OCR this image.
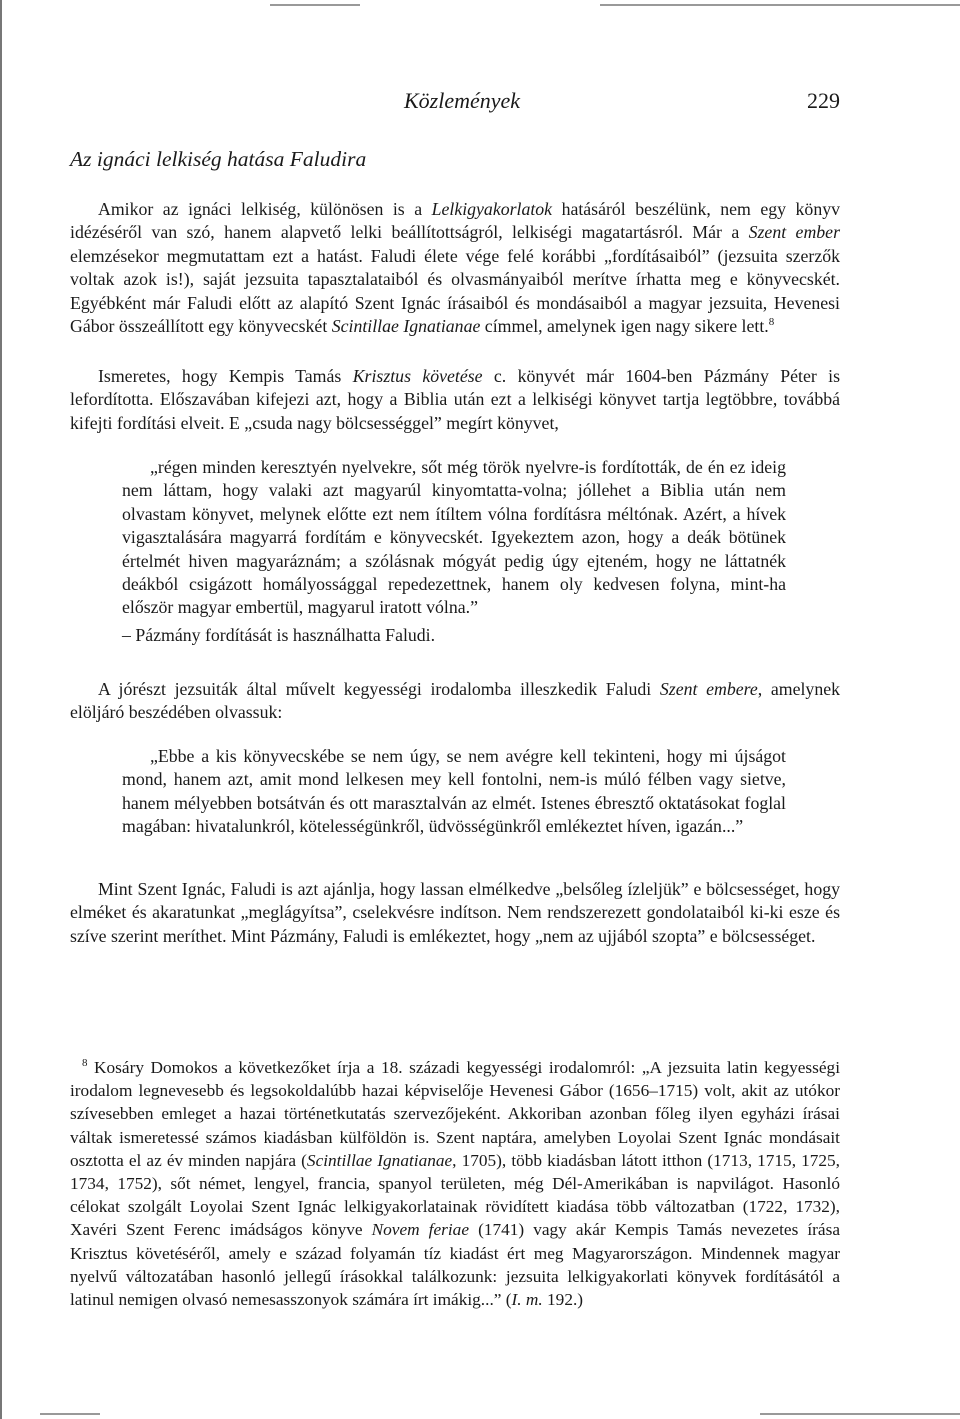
Közlemények	229
Az ignáci lelkiség hatása Faludira

Amikor az ignáci lelkiség, különösen is a Lelkigyakorlatok hatásáról beszélünk, nem egy könyv idézéséről van szó, hanem alapvető lelki beállítottságról, lelkiségi magatartásról. Már a Szent ember elemzésekor megmutattam ezt a hatást. Faludi élete vége felé korábbi „fordításaiból” (jezsuita szerzők voltak azok is!), saját jezsuita tapasztalataiból és olvasmányaiból merítve írhatta meg e könyvecskét. Egyébként már Faludi előtt az alapító Szent Ignác írásaiból és mondásaiból a magyar jezsuita, Hevenesi Gábor összeállított egy könyvecskét Scintillae Ignatianae címmel, amelynek igen nagy sikere lett.$^8$

Ismeretes, hogy Kempis Tamás Krisztus követése c. könyvét már 1604-ben Pázmány Péter is lefordította. Előszavában kifejezi azt, hogy a Biblia után ezt a lelkiségi könyvet tartja legtöbbre, továbbá kifejti fordítási elveit. E „csuda nagy bölcsességgel” megírt könyvet,

„régen minden keresztyén nyelvekre, sőt még török nyelvre-is fordították, de én ez ideig nem láttam, hogy valaki azt magyarúl kinyomtatta-volna; jóllehet a Biblia után nem olvastam könyvet, melynek előtte ezt nem ítíltem vólna fordításra méltónak. Azért, a hívek vigasztalására magyarrá fordítám e könyvecskét. Igyekeztem azon, hogy a deák bötünek értelmét hiven magyaráznám; a szólásnak mógyát pedig úgy ejteném, hogy ne láttatnék deákból csigázott homályossággal repedezettnek, hanem oly kedvesen folyna, mint-ha először magyar embertül, magyarul iratott vólna.”

– Pázmány fordítását is használhatta Faludi.

A jórészt jezsuiták által művelt kegyességi irodalomba illeszkedik Faludi Szent embere, amelynek elöljáró beszédében olvassuk:

„Ebbe a kis könyvecskébe se nem úgy, se nem avégre kell tekinteni, hogy mi újságot mond, hanem azt, amit mond lelkesen mey kell fontolni, nem-is múló félben vagy sietve, hanem mélyebben botsátván és ott marasztalván az elmét. Istenes ébresztő oktatásokat foglal magában: hivatalunkról, kötelességünkről, üdvösségünkről emlékeztet híven, igazán...”

Mint Szent Ignác, Faludi is azt ajánlja, hogy lassan elmélkedve „belsőleg ízleljük” e bölcsességet, hogy elméket és akaratunkat „meglágyítsa”, cselekvésre indítson. Nem rendszerezett gondolataiból ki-ki esze és szíve szerint meríthet. Mint Pázmány, Faludi is emlékeztet, hogy „nem az ujjából szopta” e bölcsességet.

$^8$ Kosáry Domokos a következőket írja a 18. századi kegyességi irodalomról: „A jezsuita latin kegyességi irodalom legnevesebb és legsokoldalúbb hazai képviselője Hevenesi Gábor (1656–1715) volt, akit az utókor szívesebben emleget a hazai történetkutatás szervezőjeként. Akkoriban azonban főleg ilyen egyházi írásai váltak ismeretessé számos kiadásban külföldön is. Szent naptára, amelyben Loyolai Szent Ignác mondásait osztotta el az év minden napjára (Scintillae Ignatianae, 1705), több kiadásban látott itthon (1713, 1715, 1725, 1734, 1752), sőt német, lengyel, francia, spanyol területen, még Dél-Amerikában is napvilágot. Hasonló célokat szolgált Loyolai Szent Ignác lelkigyakorlatainak rövidített kiadása több változatban (1722, 1732), Xavéri Szent Ferenc imádságos könyve Novem feriae (1741) vagy akár Kempis Tamás nevezetes írása Krisztus követéséről, amely e század folyamán tíz kiadást ért meg Magyarországon. Mindennek magyar nyelvű változatában hasonló jellegű írásokkal találkozunk: jezsuita lelkigyakorlati könyvek fordításától a latinul nemigen olvasó nemesasszonyok számára írt imákig...” (I. m. 192.)
